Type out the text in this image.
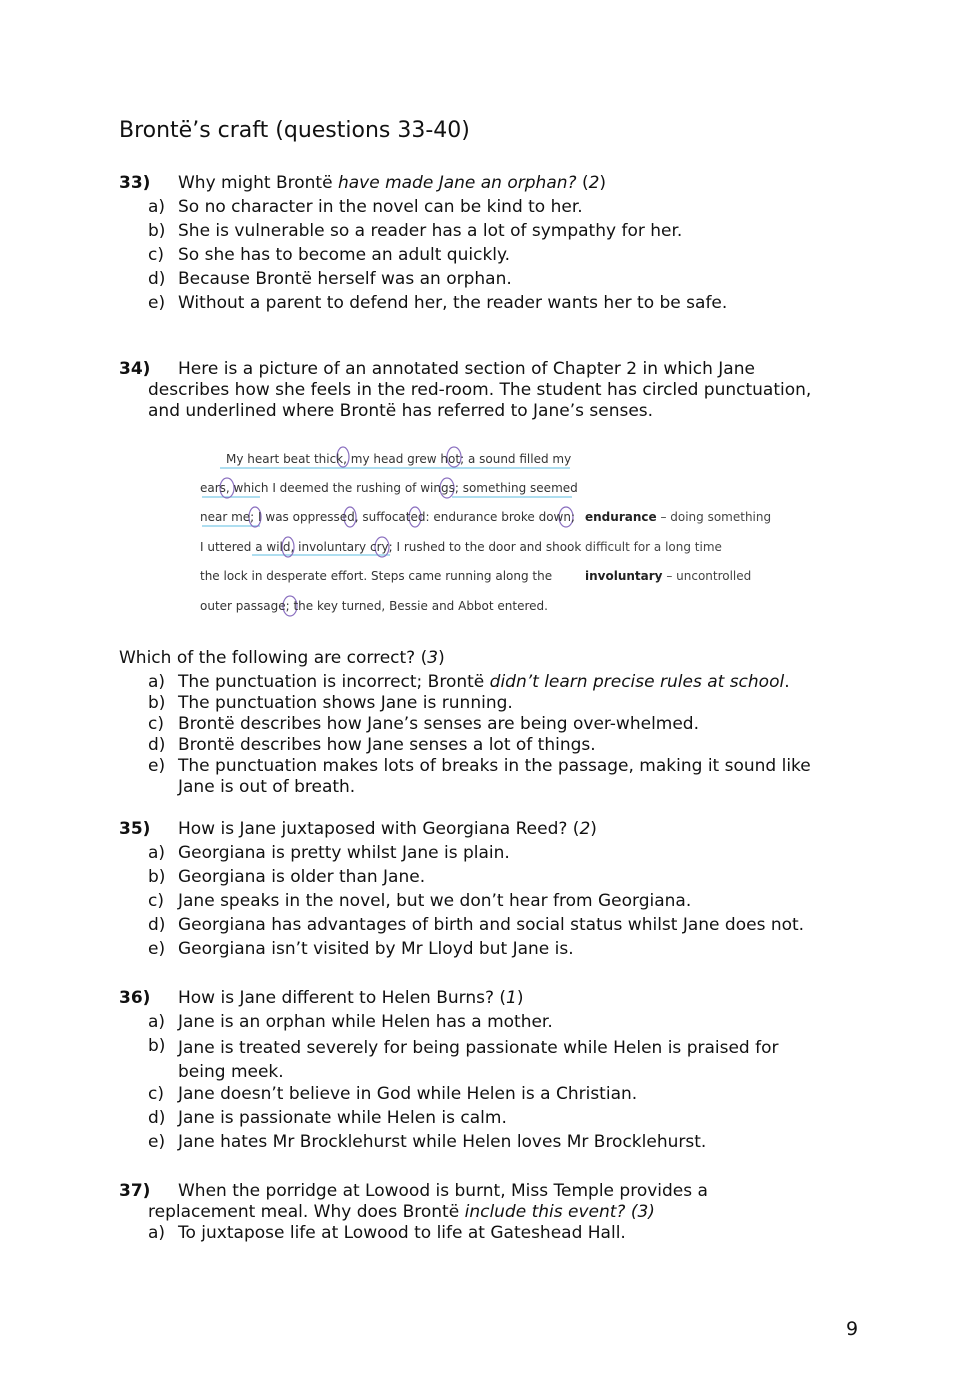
Brontë’s craft (questions 33-40)
33) Why might Brontë have made Jane an orphan? (2)
a) So no character in the novel can be kind to her.
b) She is vulnerable so a reader has a lot of sympathy for her.
c) So she has to become an adult quickly.
d) Because Brontë herself was an orphan.
e) Without a parent to defend her, the reader wants her to be safe.
34) Here is a picture of an annotated section of Chapter 2 in which Jane
describes how she feels in the red-room. The student has circled punctuation,
and underlined where Brontë has referred to Jane’s senses.
My heart beat thick, my head grew hot; a sound filled my
ears, which I deemed the rushing of wings; something seemed
near me; I was oppressed, suffocated: endurance broke down;
I uttered a wild, involuntary cry; I rushed to the door and shook
the lock in desperate effort. Steps came running along the
outer passage; the key turned, Bessie and Abbot entered.
endurance – doing something
difficult for a long time
involuntary – uncontrolled
Which of the following are correct? (3)
a) The punctuation is incorrect; Brontë didn’t learn precise rules at school.
b) The punctuation shows Jane is running.
c) Brontë describes how Jane’s senses are being over-whelmed.
d) Brontë describes how Jane senses a lot of things.
e) The punctuation makes lots of breaks in the passage, making it sound like
Jane is out of breath.
35) How is Jane juxtaposed with Georgiana Reed? (2)
a) Georgiana is pretty whilst Jane is plain.
b) Georgiana is older than Jane.
c) Jane speaks in the novel, but we don’t hear from Georgiana.
d) Georgiana has advantages of birth and social status whilst Jane does not.
e) Georgiana isn’t visited by Mr Lloyd but Jane is.
36) How is Jane different to Helen Burns? (1)
a) Jane is an orphan while Helen has a mother.
b) Jane is treated severely for being passionate while Helen is praised for
being meek.
c) Jane doesn’t believe in God while Helen is a Christian.
d) Jane is passionate while Helen is calm.
e) Jane hates Mr Brocklehurst while Helen loves Mr Brocklehurst.
37) When the porridge at Lowood is burnt, Miss Temple provides a
replacement meal. Why does Brontë include this event? (3)
a) To juxtapose life at Lowood to life at Gateshead Hall.
9
